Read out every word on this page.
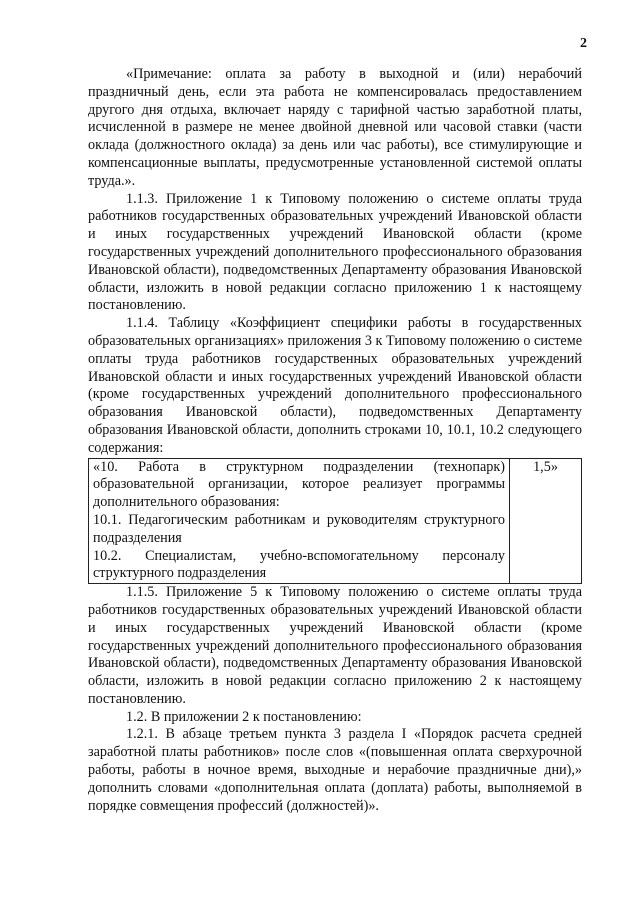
2

«Примечание: оплата за работу в выходной и (или) нерабочий праздничный день, если эта работа не компенсировалась предоставлением другого дня отдыха, включает наряду с тарифной частью заработной платы, исчисленной в размере не менее двойной дневной или часовой ставки (части оклада (должностного оклада) за день или час работы), все стимулирующие и компенсационные выплаты, предусмотренные установленной системой оплаты труда.».

1.1.3. Приложение 1 к Типовому положению о системе оплаты труда работников государственных образовательных учреждений Ивановской области и иных государственных учреждений Ивановской области (кроме государственных учреждений дополнительного профессионального образования Ивановской области), подведомственных Департаменту образования Ивановской области, изложить в новой редакции согласно приложению 1 к настоящему постановлению.

1.1.4. Таблицу «Коэффициент специфики работы в государственных образовательных организациях» приложения 3 к Типовому положению о системе оплаты труда работников государственных образовательных учреждений Ивановской области и иных государственных учреждений Ивановской области (кроме государственных учреждений дополнительного профессионального образования Ивановской области), подведомственных Департаменту образования Ивановской области, дополнить строками 10, 10.1, 10.2 следующего содержания:

«10. Работа в структурном подразделении (технопарк) образовательной организации, которое реализует программы дополнительного образования:
10.1. Педагогическим работникам и руководителям структурного подразделения
10.2. Специалистам, учебно-вспомогательному персоналу структурного подразделения
	1,5»

1.1.5. Приложение 5 к Типовому положению о системе оплаты труда работников государственных образовательных учреждений Ивановской области и иных государственных учреждений Ивановской области (кроме государственных учреждений дополнительного профессионального образования Ивановской области), подведомственных Департаменту образования Ивановской области, изложить в новой редакции согласно приложению 2 к настоящему постановлению.

1.2. В приложении 2 к постановлению:

1.2.1. В абзаце третьем пункта 3 раздела I «Порядок расчета средней заработной платы работников» после слов «(повышенная оплата сверхурочной работы, работы в ночное время, выходные и нерабочие праздничные дни),» дополнить словами «дополнительная оплата (доплата) работы, выполняемой в порядке совмещения профессий (должностей)».
